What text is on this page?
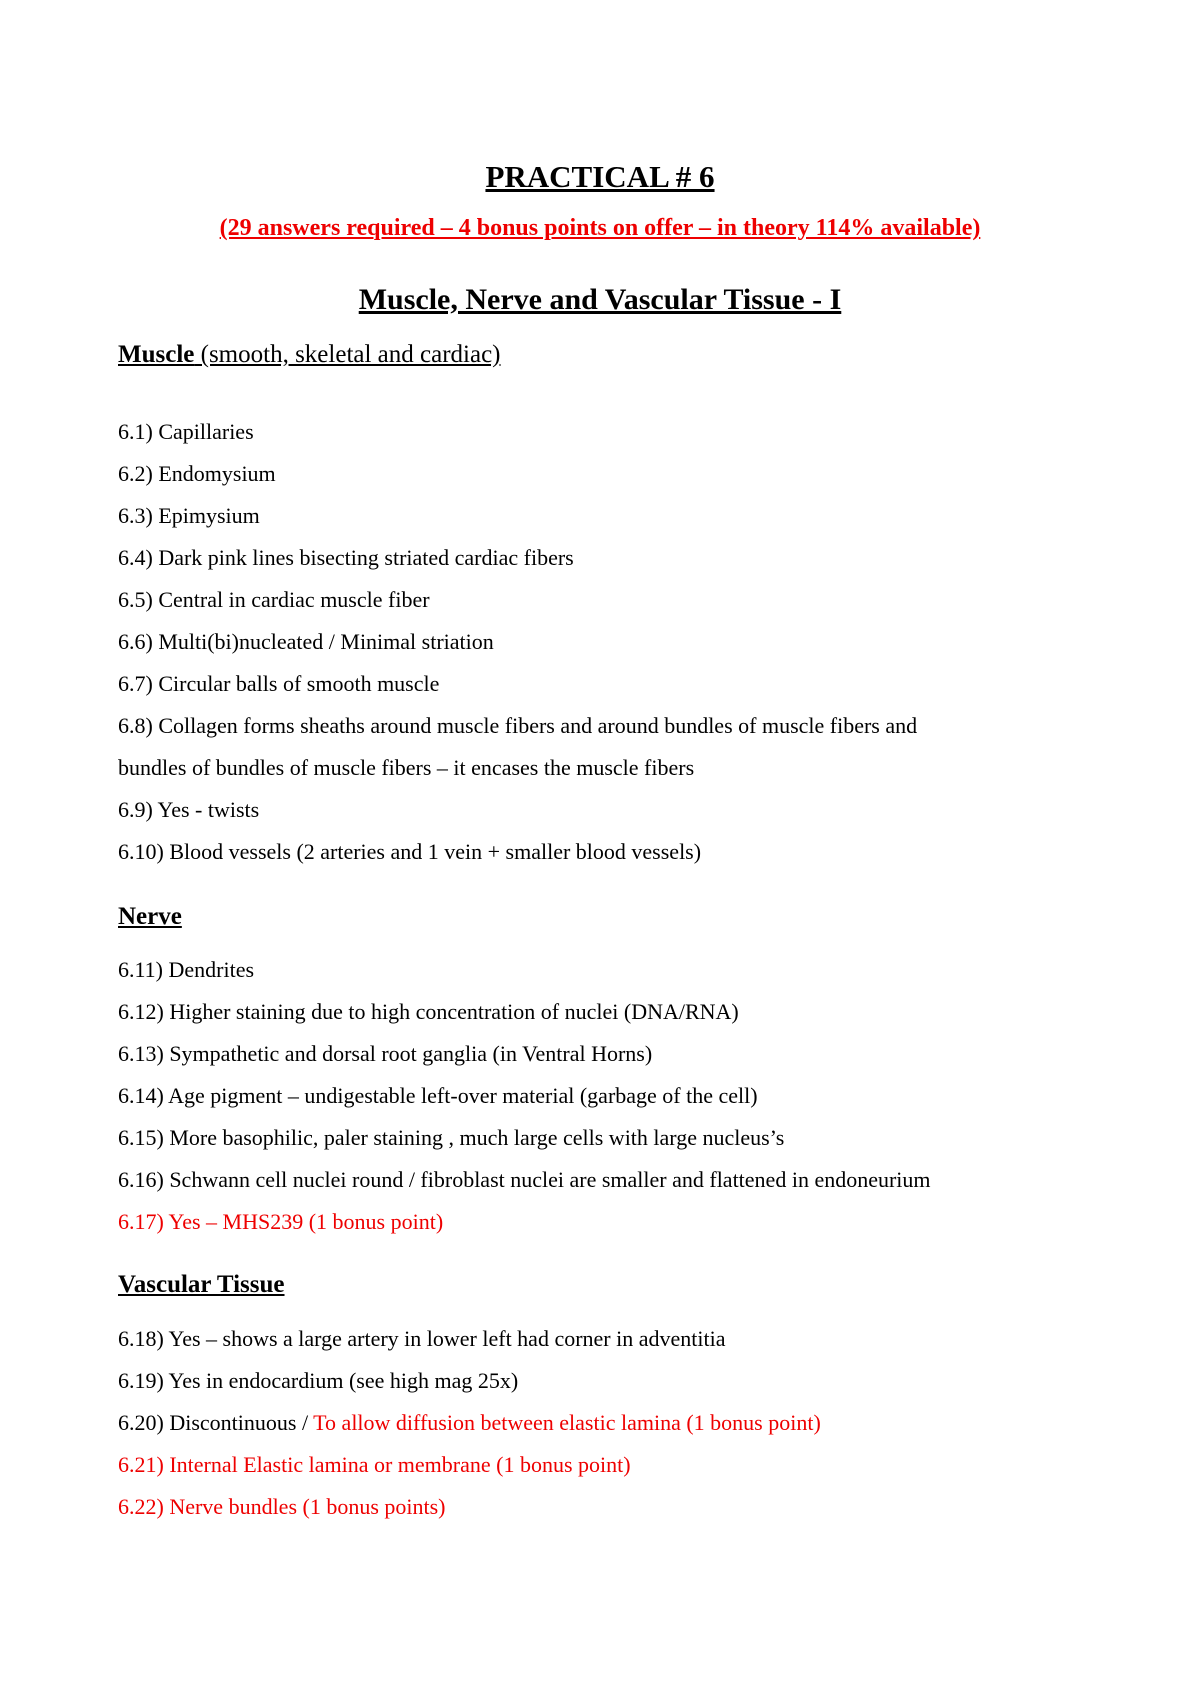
PRACTICAL # 6
(29 answers required – 4 bonus points on offer – in theory 114% available)
Muscle, Nerve and Vascular Tissue - I
Muscle (smooth, skeletal and cardiac)
6.1) Capillaries
6.2) Endomysium
6.3) Epimysium
6.4) Dark pink lines bisecting striated cardiac fibers
6.5) Central in cardiac muscle fiber
6.6) Multi(bi)nucleated / Minimal striation
6.7) Circular balls of smooth muscle
6.8) Collagen forms sheaths around muscle fibers and around bundles of muscle fibers and
bundles of bundles of muscle fibers – it encases the muscle fibers
6.9) Yes - twists
6.10) Blood vessels (2 arteries and 1 vein + smaller blood vessels)
Nerve
6.11) Dendrites
6.12) Higher staining due to high concentration of nuclei (DNA/RNA)
6.13) Sympathetic and dorsal root ganglia (in Ventral Horns)
6.14) Age pigment – undigestable left-over material (garbage of the cell)
6.15) More basophilic, paler staining , much large cells with large nucleus’s
6.16) Schwann cell nuclei round / fibroblast nuclei are smaller and flattened in endoneurium
6.17) Yes – MHS239 (1 bonus point)
Vascular Tissue
6.18) Yes – shows a large artery in lower left had corner in adventitia
6.19) Yes in endocardium (see high mag 25x)
6.20) Discontinuous / To allow diffusion between elastic lamina (1 bonus point)
6.21) Internal Elastic lamina or membrane (1 bonus point)
6.22) Nerve bundles (1 bonus points)
